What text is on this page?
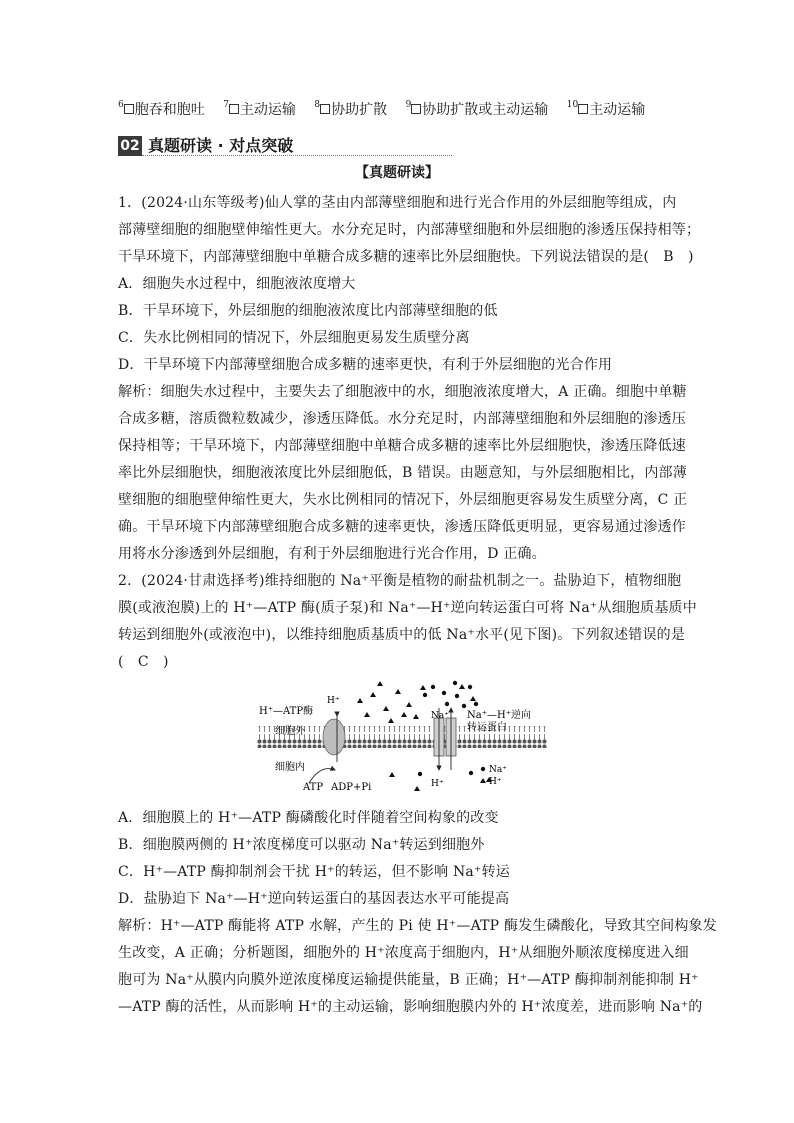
$^6$ 胞吞和胞吐 $^7$ 主动运输 $^8$ 协助扩散 $^9$ 协助扩散或主动运输 $^{10}$ 主动运输
02 真题研读 · 对点突破
【真题研读】
1．(2024·山东等级考)仙人掌的茎由内部薄壁细胞和进行光合作用的外层细胞等组成，内
部薄壁细胞的细胞壁伸缩性更大。水分充足时，内部薄壁细胞和外层细胞的渗透压保持相等；
干旱环境下，内部薄壁细胞中单糖合成多糖的速率比外层细胞快。下列说法错误的是(　B　)
A．细胞失水过程中，细胞液浓度增大
B．干旱环境下，外层细胞的细胞液浓度比内部薄壁细胞的低
C．失水比例相同的情况下，外层细胞更易发生质壁分离
D．干旱环境下内部薄壁细胞合成多糖的速率更快，有利于外层细胞的光合作用
解析：细胞失水过程中，主要失去了细胞液中的水，细胞液浓度增大，A 正确。细胞中单糖
合成多糖，溶质微粒数减少，渗透压降低。水分充足时，内部薄壁细胞和外层细胞的渗透压
保持相等；干旱环境下，内部薄壁细胞中单糖合成多糖的速率比外层细胞快，渗透压降低速
率比外层细胞快，细胞液浓度比外层细胞低，B 错误。由题意知，与外层细胞相比，内部薄
壁细胞的细胞壁伸缩性更大，失水比例相同的情况下，外层细胞更容易发生质壁分离，C 正
确。干旱环境下内部薄壁细胞合成多糖的速率更快，渗透压降低更明显，更容易通过渗透作
用将水分渗透到外层细胞，有利于外层细胞进行光合作用，D 正确。
2．(2024·甘肃选择考)维持细胞的 Na⁺平衡是植物的耐盐机制之一。盐胁迫下，植物细胞
膜(或液泡膜)上的 H⁺—ATP 酶(质子泵)和 Na⁺—H⁺逆向转运蛋白可将 Na⁺从细胞质基质中
转运到细胞外(或液泡中)，以维持细胞质基质中的低 Na⁺水平(见下图)。下列叙述错误的是
(　C　)
H⁺—ATP酶
H⁺
细胞外
细胞内
ATP ADP+Pi	H⁺
Na⁺ Na⁺—H⁺逆向
转运蛋白
Na⁺
H⁺
A．细胞膜上的 H⁺—ATP 酶磷酸化时伴随着空间构象的改变
B．细胞膜两侧的 H⁺浓度梯度可以驱动 Na⁺转运到细胞外
C．H⁺—ATP 酶抑制剂会干扰 H⁺的转运，但不影响 Na⁺转运
D．盐胁迫下 Na⁺—H⁺逆向转运蛋白的基因表达水平可能提高
解析：H⁺—ATP 酶能将 ATP 水解，产生的 Pi 使 H⁺—ATP 酶发生磷酸化，导致其空间构象发
生改变，A 正确；分析题图，细胞外的 H⁺浓度高于细胞内，H⁺从细胞外顺浓度梯度进入细
胞可为 Na⁺从膜内向膜外逆浓度梯度运输提供能量，B 正确；H⁺—ATP 酶抑制剂能抑制 H⁺
—ATP 酶的活性，从而影响 H⁺的主动运输，影响细胞膜内外的 H⁺浓度差，进而影响 Na⁺的
